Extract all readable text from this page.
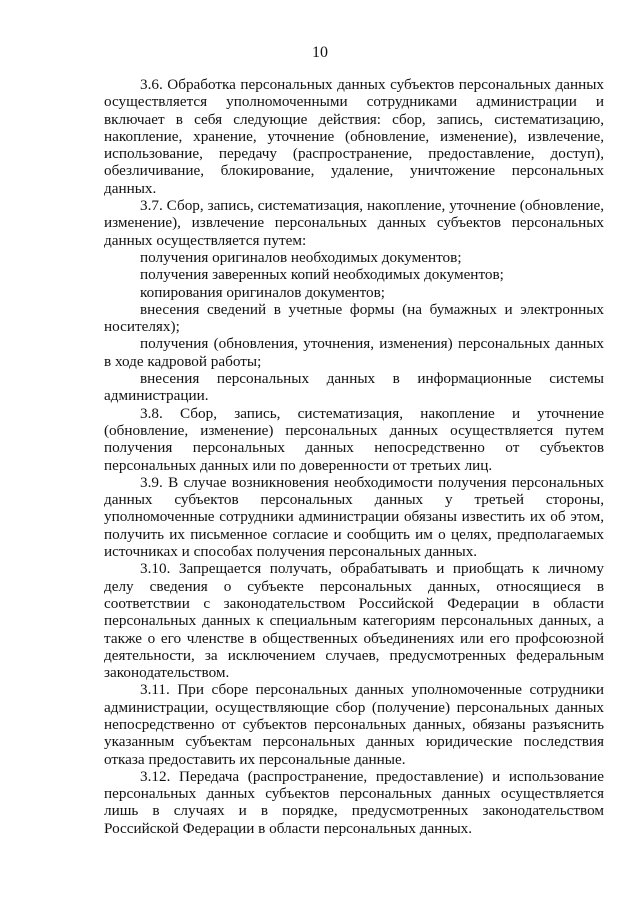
10

3.6. Обработка персональных данных субъектов персональных данных осуществляется уполномоченными сотрудниками администрации и включает в себя следующие действия: сбор, запись, систематизацию, накопление, хранение, уточнение (обновление, изменение), извлечение, использование, передачу (распространение, предоставление, доступ), обезличивание, блокирование, удаление, уничтожение персональных данных.

3.7. Сбор, запись, систематизация, накопление, уточнение (обновление, изменение), извлечение персональных данных субъектов персональных данных осуществляется путем:

получения оригиналов необходимых документов;

получения заверенных копий необходимых документов;

копирования оригиналов документов;

внесения сведений в учетные формы (на бумажных и электронных носителях);

получения (обновления, уточнения, изменения) персональных данных в ходе кадровой работы;

внесения персональных данных в информационные системы администрации.

3.8. Сбор, запись, систематизация, накопление и уточнение (обновление, изменение) персональных данных осуществляется путем получения персональных данных непосредственно от субъектов персональных данных или по доверенности от третьих лиц.

3.9. В случае возникновения необходимости получения персональных данных субъектов персональных данных у третьей стороны, уполномоченные сотрудники администрации обязаны известить их об этом, получить их письменное согласие и сообщить им о целях, предполагаемых источниках и способах получения персональных данных.

3.10. Запрещается получать, обрабатывать и приобщать к личному делу сведения о субъекте персональных данных, относящиеся в соответствии с законодательством Российской Федерации в области персональных данных к специальным категориям персональных данных, а также о его членстве в общественных объединениях или его профсоюзной деятельности, за исключением случаев, предусмотренных федеральным законодательством.

3.11. При сборе персональных данных уполномоченные сотрудники администрации, осуществляющие сбор (получение) персональных данных непосредственно от субъектов персональных данных, обязаны разъяснить указанным субъектам персональных данных юридические последствия отказа предоставить их персональные данные.

3.12. Передача (распространение, предоставление) и использование персональных данных субъектов персональных данных осуществляется лишь в случаях и в порядке, предусмотренных законодательством Российской Федерации в области персональных данных.
